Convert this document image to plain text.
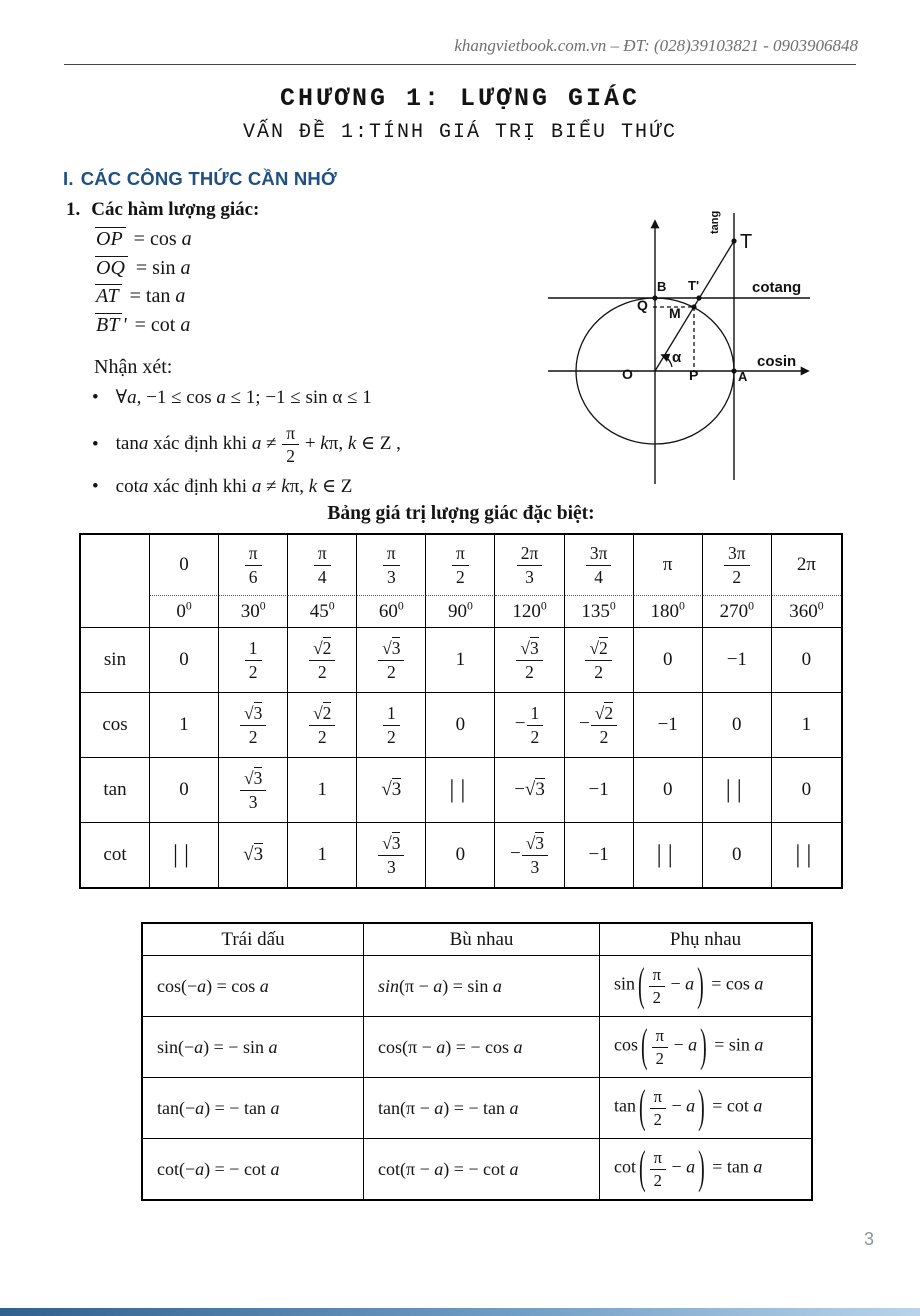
khangvietbook.com.vn – ĐT: (028)39103821 - 0903906848
CHƯƠNG 1: LƯỢNG GIÁC
VẤN ĐỀ 1:TÍNH GIÁ TRỊ BIỂU THỨC
I. CÁC CÔNG THỨC CẦN NHỚ
1. Các hàm lượng giác:
OP = cos a
OQ = sin a
AT = tan a
BT ' = cot a
Nhận xét:
• ∀a, −1 ≤ cos a ≤ 1; −1 ≤ sin α ≤ 1
• tana xác định khi $a \ne \frac{\pi}{2} + k\pi$, k ∈ Z ,
• cota xác định khi a ≠ kπ, k ∈ Z
B T'
Q M
O	P	A
α
T
cosin
cotang
tang
Bảng giá trị lượng giác đặc biệt:
	0	$\frac{\pi}{6}$	$\frac{\pi}{4}$	$\frac{\pi}{3}$	$\frac{\pi}{2}$	$\frac{2\pi}{3}$	$\frac{3\pi}{4}$	π	$\frac{3\pi}{2}$	2π
	$0^0$	$30^0$	$45^0$	$60^0$	$90^0$	$120^0$	$135^0$	$180^0$	$270^0$	$360^0$
sin	0	$\frac{1}{2}$	$\frac{√2}{2}$	$\frac{√3}{2}$	1	$\frac{√3}{2}$	$\frac{√2}{2}$	0	−1	0
cos	1	$\frac{√3}{2}$	$\frac{√2}{2}$	$\frac{1}{2}$	0	− $\frac{1}{2}$	− $\frac{√2}{2}$	−1	0	1
tan	0	$\frac{√3}{3}$	1	√3	||	−√3	−1	0	||	0
cot	||	√3	1	$\frac{√3}{3}$	0	− $\frac{√3}{3}$	−1	||	0	||
Trái dấu	Bù nhau	Phụ nhau
cos(−a) = cos a	sin(π − a) = sin a	sin ( $\frac{\pi}{2} - a$ ) = cos a
sin(−a) = − sin a	cos(π − a) = − cos a	cos ( $\frac{\pi}{2} - a$ ) = sin a
tan(−a) = − tan a	tan(π − a) = − tan a	tan ( $\frac{\pi}{2} - a$ ) = cot a
cot(−a) = − cot a	cot(π − a) = − cot a	cot ( $\frac{\pi}{2} - a$ ) = tan a
3
